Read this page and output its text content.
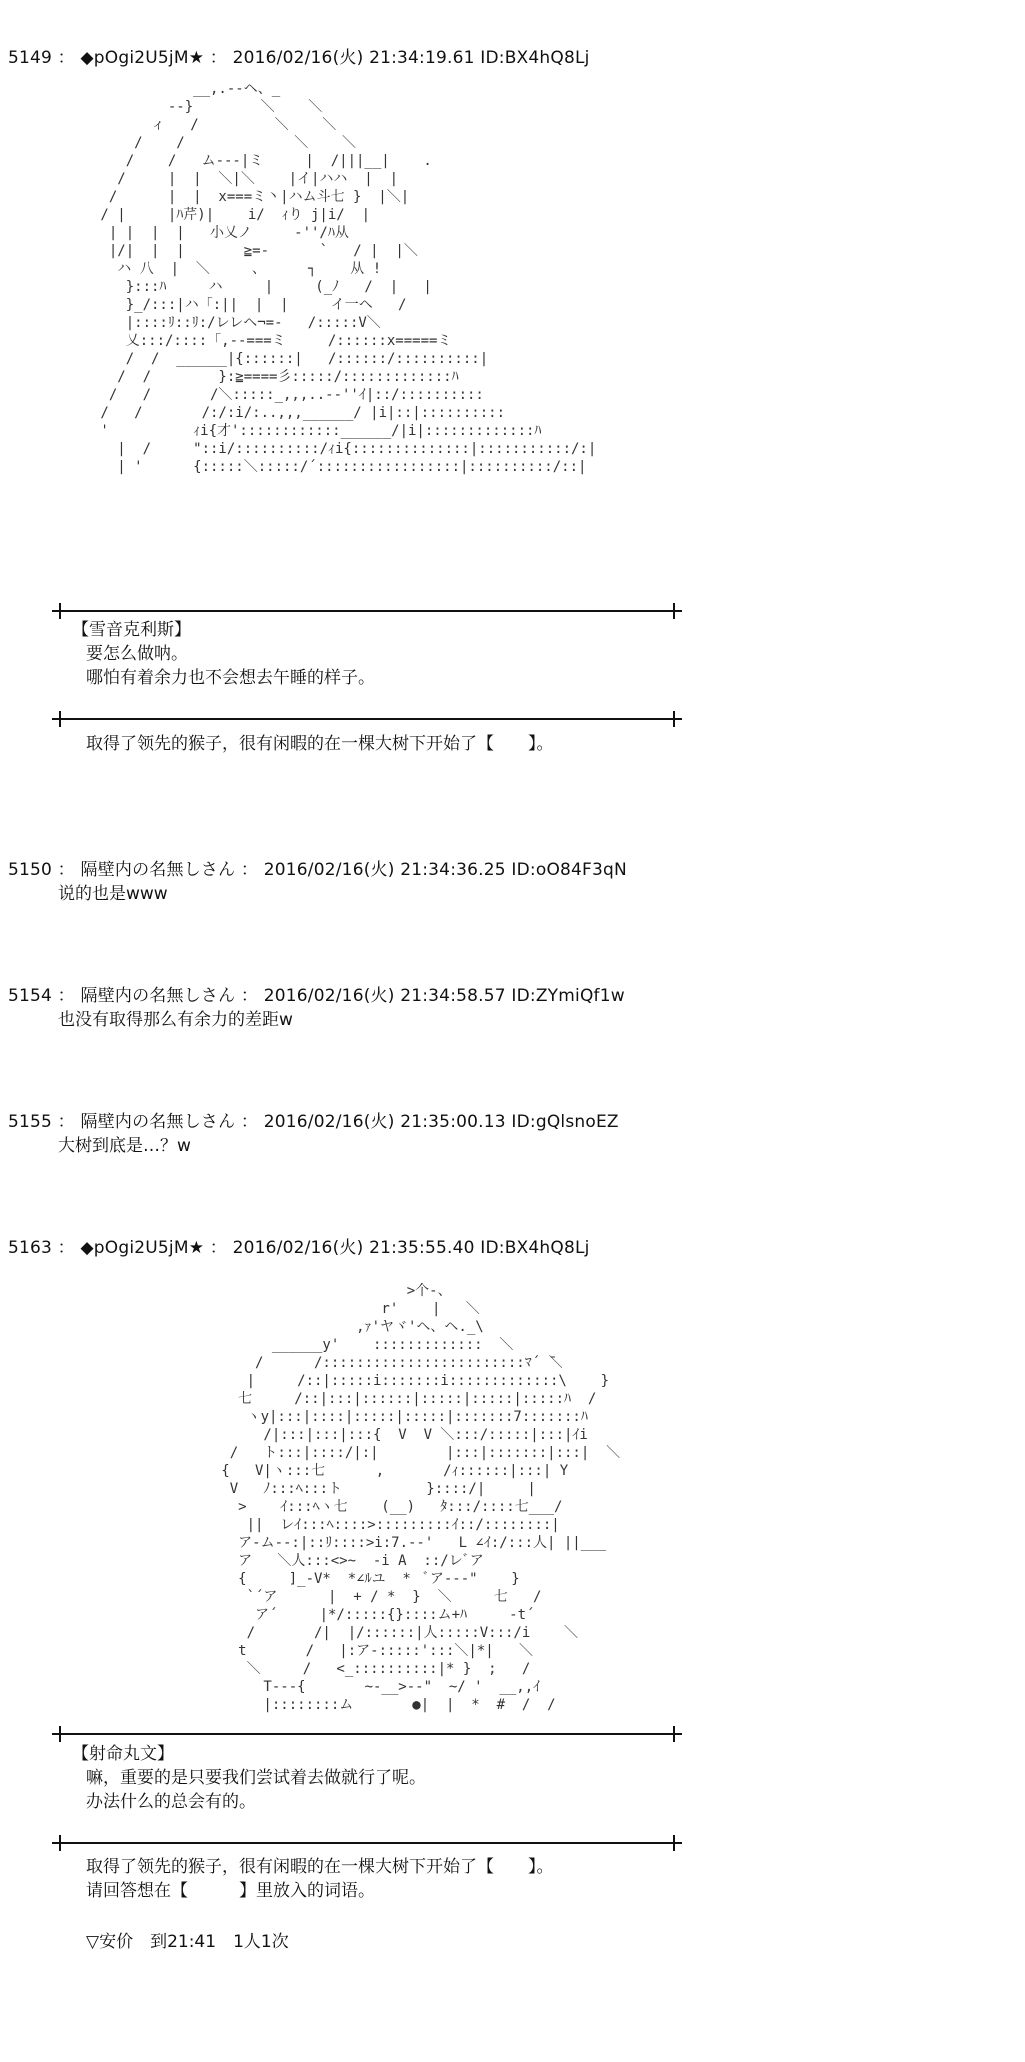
5149 ： ◆pOgi2U5jM★ ： 2016/02/16(火) 21:34:19.61 ID:BX4hQ8Lj
__,.-‐ヘ、_
-‐}        ＼    ＼
ィ   /         ＼    ＼
/    /             ＼    ＼
/    /   ム---|ミ     |  /|||__|    .
/     |  |  ＼|＼    |イ|ハハ  |  |
/      |  |  x===ミ丶|ハム斗七 }  |＼|
/ |     |ﾊ芹)|    i/  ｨり j|i/  |
| |  |  |   小乂ノ     ‐''/ﾊ从
|/|  |  |       ≧=-      `   / |  |＼
ハ 八  |  ＼     、     ┐    从 !
}:::ﾊ     ハ     |     (_ﾉ   /  |   |
}_/:::|ハ「:||  |  |     イ一ヘ   /
|::::ﾘ::ﾘ:/レレヘ¬=-   /:::::V＼
乂:::/::::「,--===ミ     /::::::x=====ミ
/  /  ______|{::::::|   /::::::/::::::::::|
/  /        }:≧====彡:::::/:::::::::::::ﾊ
/   /       /＼:::::_,,,..-‐''ｲ|::/::::::::::
/   /       /:/:i/:..,,,______/ |i|::|::::::::::
'          ｨi{才'::::::::::::______/|i|:::::::::::::ﾊ
|  /     "::i/::::::::::/ｨi{::::::::::::::|:::::::::::/:|
| '      {:::::＼:::::/´:::::::::::::::::|::::::::::/::|
【雪音克利斯】
要怎么做呐。
哪怕有着余力也不会想去午睡的样子。
取得了领先的猴子，很有闲暇的在一棵大树下开始了【　　】。
5150 ： 隔壁内の名無しさん ： 2016/02/16(火) 21:34:36.25 ID:oO84F3qN
说的也是www
5154 ： 隔壁内の名無しさん ： 2016/02/16(火) 21:34:58.57 ID:ZYmiQf1w
也没有取得那么有余力的差距w
5155 ： 隔壁内の名無しさん ： 2016/02/16(火) 21:35:00.13 ID:gQlsnoEZ
大树到底是…？w
5163 ： ◆pOgi2U5jM★ ： 2016/02/16(火) 21:35:55.40 ID:BX4hQ8Lj
>个-、
r'    |   ＼
,ｧ'ヤヾ'ヘ、ヘ._\
______y'    :::::::::::::  ＼
/      /::::::::::::::::::::::::ﾏ´ ̄＼
|     /::|:::::i:::::::i:::::::::::::\    }
七     /::|:::|::::::|:::::|:::::|:::::ﾊ  /
ヽy|:::|::::|:::::|:::::|:::::::7:::::::ﾊ
/|:::|:::|:::{  V  V ＼:::/:::::|:::|ｲi
/   ト:::|::::/|:|        |:::|:::::::|:::|  ＼
{   V|ヽ:::七      ,       /ｨ::::::|:::| Y
V   ﾉ:::ﾍ:::ト          }::::/|     |
>    ｲ:::ﾍヽ七    (__)   ﾀ:::/::::七___/
||  レｲ:::ﾍ::::>:::::::::ｲ::/::::::::|
ア-ム--:|::ﾘ::::>i:7.--'   L ∠ｲ:/:::人| ||___
ア   ＼人:::<>~  -i A  ::/レﾞア
{     ]_-V*  *∠ﾙユ  *  ﾞア---"    }
`´ア      |  + / *  }  ＼     七   /
ア´     |*/:::::{}::::ム+ﾊ     -t´
/       /|  |/::::::|人:::::V:::/i    ＼
t       /   |:ア-:::::':::＼|*|   ＼
＼     /   <_::::::::::|* }  ;   /
T---{       ~-__>--"  ~/ '  __,,ｲ
|::::::::ム       ●|  |  *  #  /  /
【射命丸文】
嘛，重要的是只要我们尝试着去做就行了呢。
办法什么的总会有的。
取得了领先的猴子，很有闲暇的在一棵大树下开始了【　　】。
请回答想在【　　　】里放入的词语。
▽安价　到21:41　1人1次
